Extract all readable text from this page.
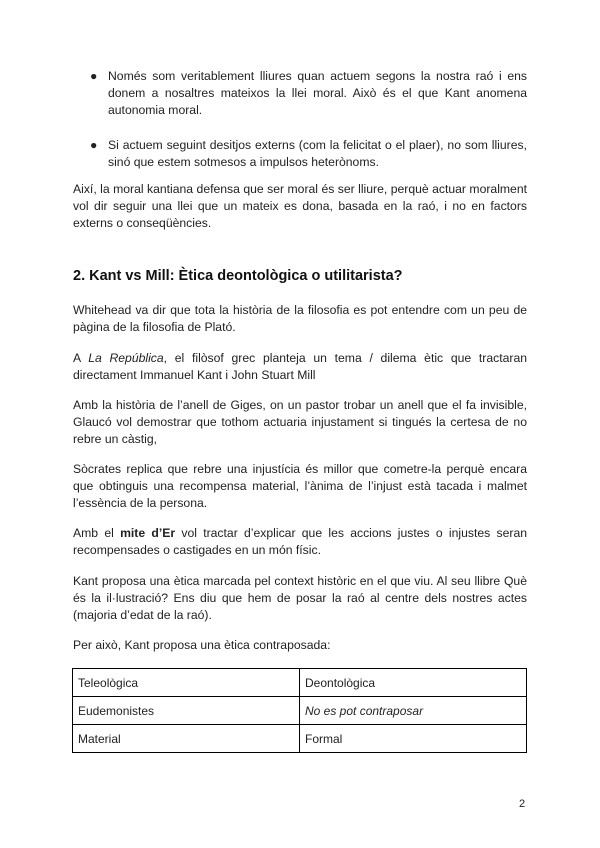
● Només som veritablement lliures quan actuem segons la nostra raó i ens donem a nosaltres mateixos la llei moral. Això és el que Kant anomena autonomia moral.
● Si actuem seguint desitjos externs (com la felicitat o el plaer), no som lliures, sinó que estem sotmesos a impulsos heterònoms.
Així, la moral kantiana defensa que ser moral és ser lliure, perquè actuar moralment vol dir seguir una llei que un mateix es dona, basada en la raó, i no en factors externs o conseqüències.
2. Kant vs Mill: Ètica deontològica o utilitarista?
Whitehead va dir que tota la història de la filosofia es pot entendre com un peu de pàgina de la filosofia de Plató.
A La República, el filòsof grec planteja un tema / dilema ètic que tractaran directament Immanuel Kant i John Stuart Mill
Amb la història de l’anell de Giges, on un pastor trobar un anell que el fa invisible, Glaucó vol demostrar que tothom actuaria injustament si tingués la certesa de no rebre un càstig,
Sòcrates replica que rebre una injustícia és millor que cometre-la perquè encara que obtinguis una recompensa material, l’ànima de l’injust està tacada i malmet l’essència de la persona.
Amb el mite d’Er vol tractar d’explicar que les accions justes o injustes seran recompensades o castigades en un món físic.
Kant proposa una ètica marcada pel context històric en el que viu. Al seu llibre Què és la il·lustració? Ens diu que hem de posar la raó al centre dels nostres actes (majoria d’edat de la raó).
Per això, Kant proposa una ètica contraposada:
Teleològica	Deontològica
Eudemonistes	No es pot contraposar
Material	Formal
2
